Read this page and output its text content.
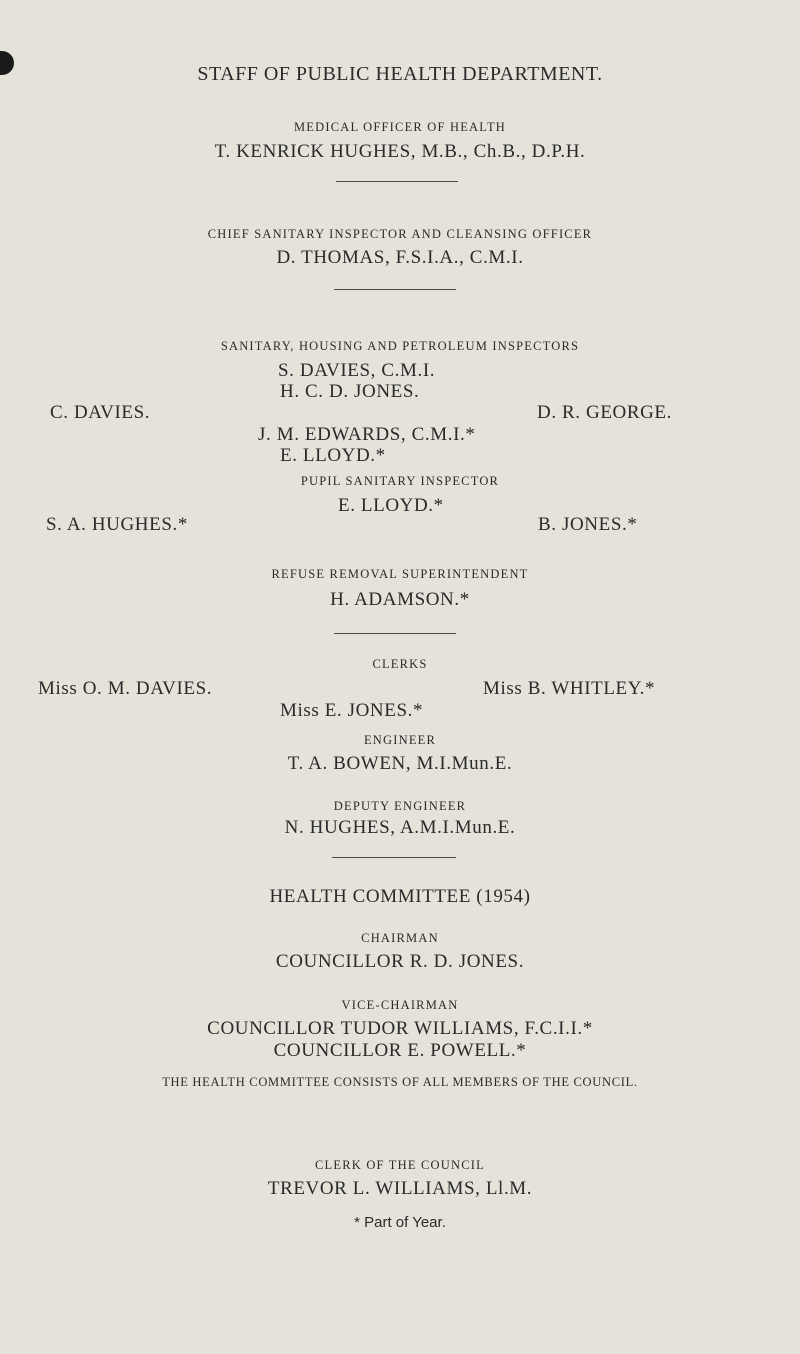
STAFF OF PUBLIC HEALTH DEPARTMENT.
MEDICAL OFFICER OF HEALTH
T. KENRICK HUGHES, M.B., Ch.B., D.P.H.
CHIEF SANITARY INSPECTOR AND CLEANSING OFFICER
D. THOMAS, F.S.I.A., C.M.I.
SANITARY, HOUSING AND PETROLEUM INSPECTORS
S. DAVIES, C.M.I.
H. C. D. JONES.
C. DAVIES.	D. R. GEORGE.
J. M. EDWARDS, C.M.I.*
E. LLOYD.*
PUPIL SANITARY INSPECTOR
E. LLOYD.*
S. A. HUGHES.*	B. JONES.*
REFUSE REMOVAL SUPERINTENDENT
H. ADAMSON.*
CLERKS
Miss O. M. DAVIES.	Miss B. WHITLEY.*
Miss E. JONES.*
ENGINEER
T. A. BOWEN, M.I.Mun.E.
DEPUTY ENGINEER
N. HUGHES, A.M.I.Mun.E.
HEALTH COMMITTEE (1954)
CHAIRMAN
COUNCILLOR R. D. JONES.
VICE-CHAIRMAN
COUNCILLOR TUDOR WILLIAMS, F.C.I.I.*
COUNCILLOR E. POWELL.*
THE HEALTH COMMITTEE CONSISTS OF ALL MEMBERS OF THE COUNCIL.
CLERK OF THE COUNCIL
TREVOR L. WILLIAMS, Ll.M.
* Part of Year.
